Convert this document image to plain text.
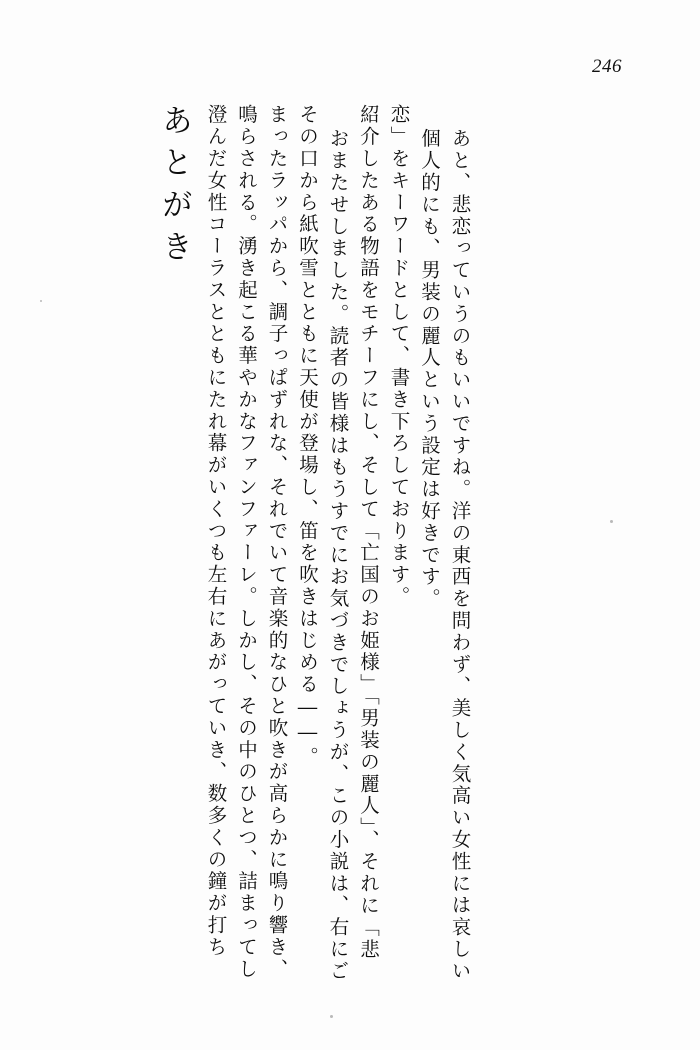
246
あとがき 澄んだ女性コーラスとともにたれ幕がいくつも左右にあがっていき、数多くの鐘が打ち 鳴らされる。湧き起こる華やかなファンファーレ。しかし、その中のひとつ、詰まってし まったラッパから、調子っぱずれな、それでいて音楽的なひと吹きが高らかに鳴り響き、 その口から紙吹雪とともに天使が登場し、笛を吹きはじめる――。 おまたせしました。読者の皆様はもうすでにお気づきでしょうが、この小説は、右にご 紹介したある物語をモチーフにし、そして「亡国のお姫様」「男装の麗人」、それに「悲 恋」をキーワードとして、書き下ろしております。 個人的にも、男装の麗人という設定は好きです。 あと、悲恋っていうのもいいですね。洋の東西を問わず、美しく気高い女性には哀しい
